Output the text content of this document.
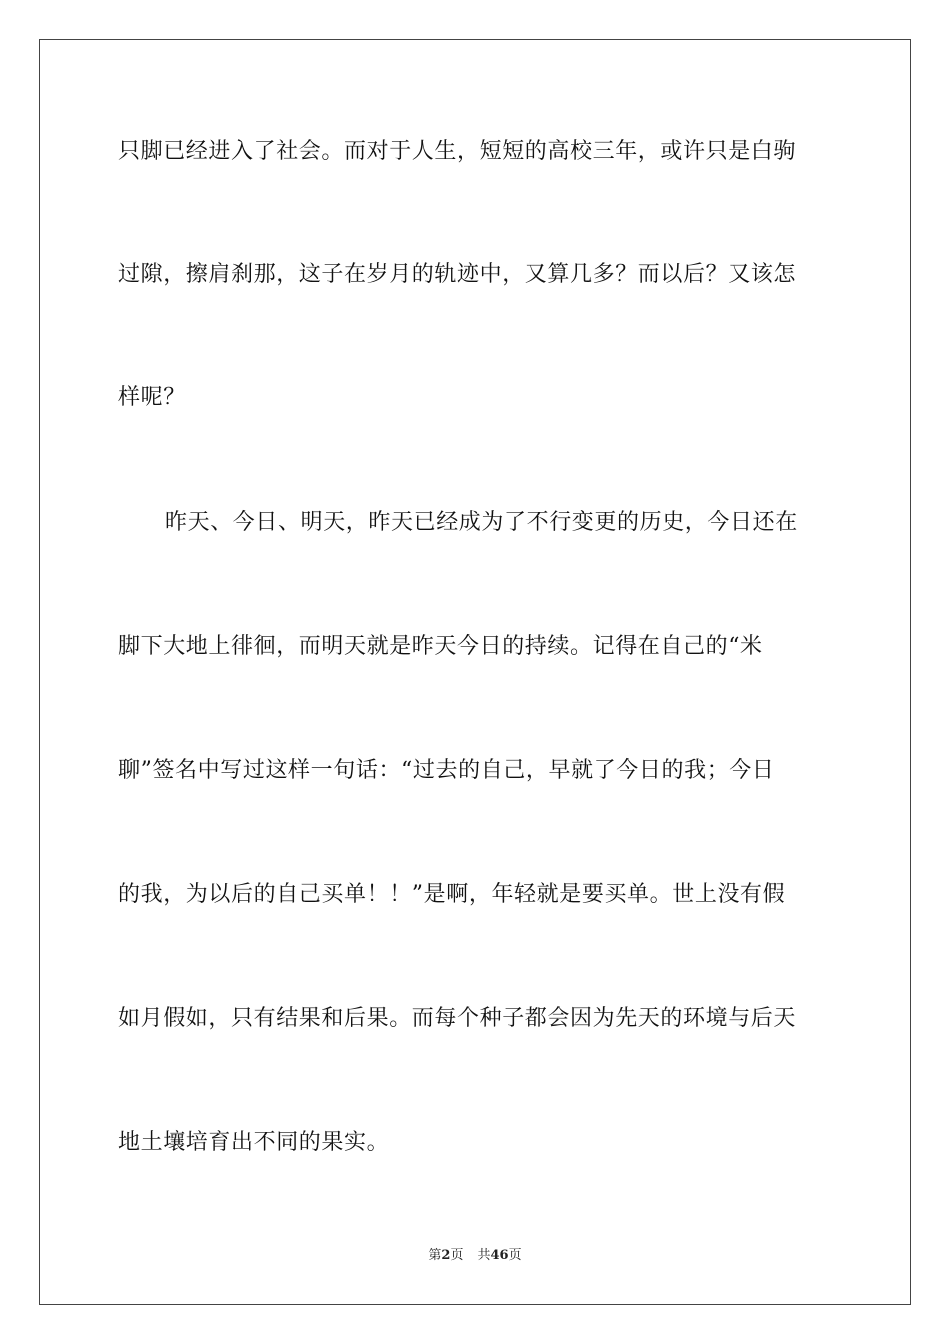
只脚已经进入了社会。而对于人生，短短的高校三年，或许只是白驹
过隙，擦肩刹那，这子在岁月的轨迹中，又算几多？而以后？又该怎
样呢？
昨天、今日、明天，昨天已经成为了不行变更的历史，今日还在
脚下大地上徘徊，而明天就是昨天今日的持续。记得在自己的“米
聊”签名中写过这样一句话：“过去的自己，早就了今日的我；今日
的我，为以后的自己买单！！”是啊，年轻就是要买单。世上没有假
如月假如，只有结果和后果。而每个种子都会因为先天的环境与后天
地土壤培育出不同的果实。
第2页 共46页
